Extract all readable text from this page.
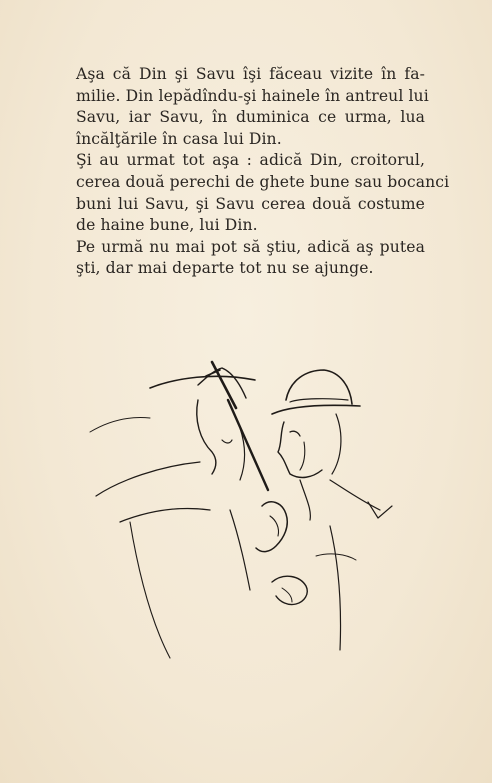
Aşa că Din şi Savu îşi făceau vizite în fa-
milie. Din lepădîndu-şi hainele în antreul lui
Savu, iar Savu, în duminica ce urma, lua
încălţările în casa lui Din.
Şi au urmat tot aşa : adică Din, croitorul,
cerea două perechi de ghete bune sau bocanci
buni lui Savu, şi Savu cerea două costume
de haine bune, lui Din.
Pe urmă nu mai pot să ştiu, adică aş putea
şti, dar mai departe tot nu se ajunge.
